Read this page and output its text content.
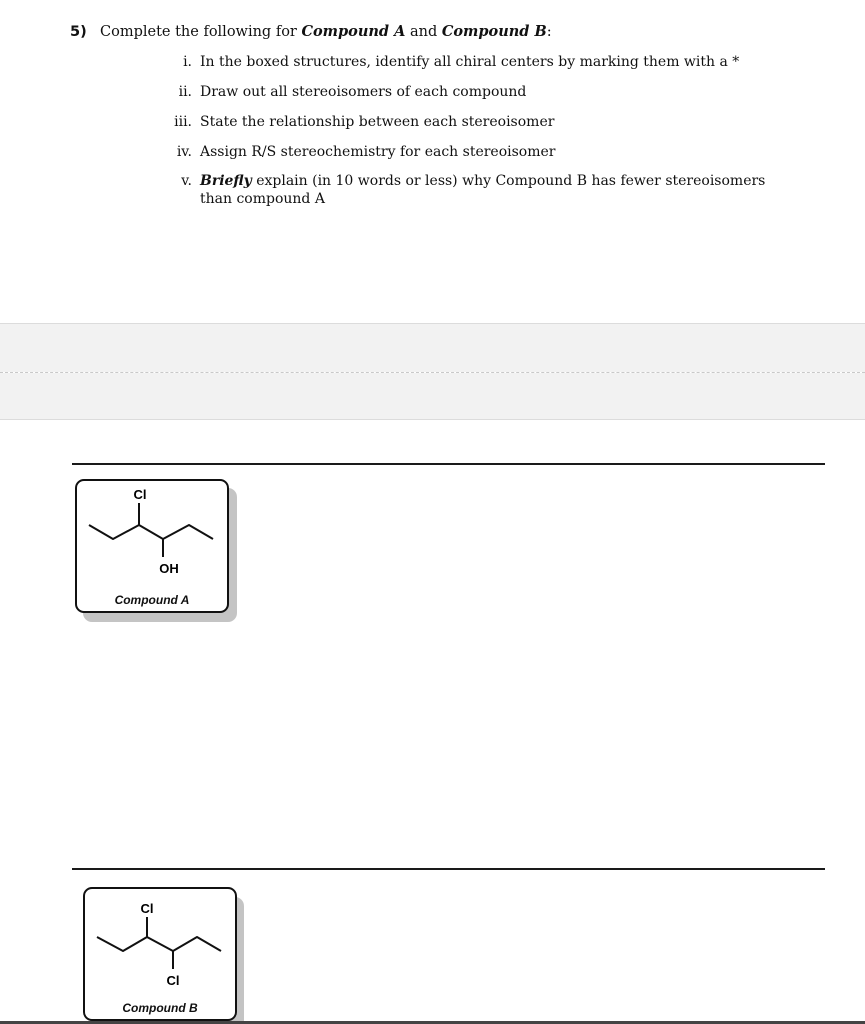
5) Complete the following for Compound A and Compound B:
i. In the boxed structures, identify all chiral centers by marking them with a *
ii. Draw out all stereoisomers of each compound
iii. State the relationship between each stereoisomer
iv. Assign R/S stereochemistry for each stereoisomer
v. Briefly explain (in 10 words or less) why Compound B has fewer stereoisomers than compound A
Cl
OH
Compound A
Cl
Cl
Compound B
